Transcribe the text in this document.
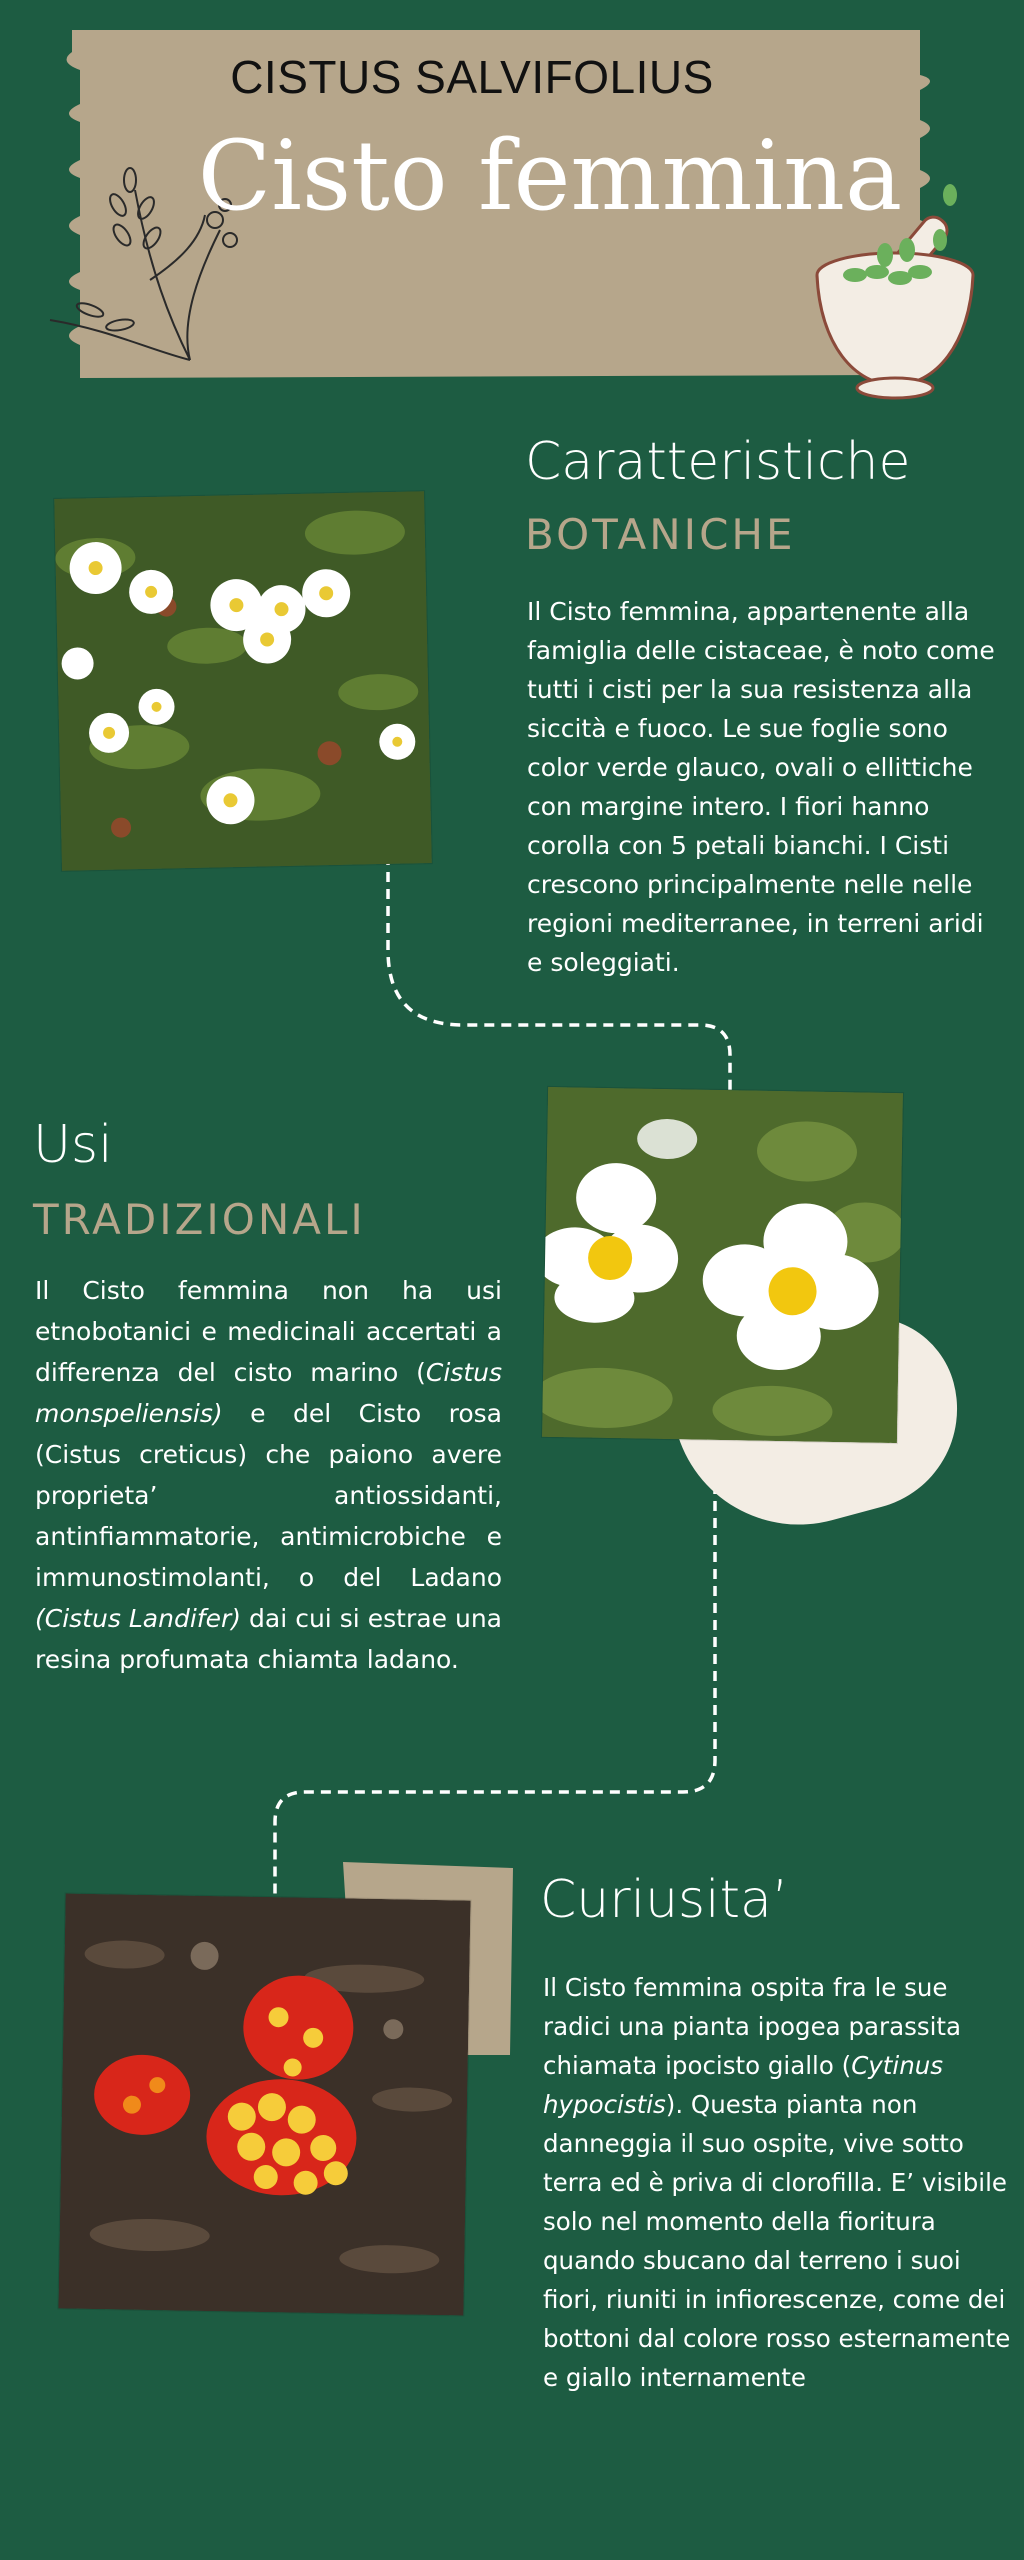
CISTUS SALVIFOLIUS
Cisto femmina
Caratteristiche
BOTANICHE
Il Cisto femmina, appartenente alla famiglia delle cistaceae, è noto come tutti i cisti per la sua resistenza alla siccità e fuoco. Le sue foglie sono color verde glauco, ovali o ellittiche con margine intero. I fiori hanno corolla con 5 petali bianchi. I Cisti crescono principalmente nelle nelle regioni mediterranee, in terreni aridi e soleggiati.
Usi
TRADIZIONALI
Il Cisto femmina non ha usi etnobotanici e medicinali accertati a differenza del cisto marino (Cistus monspeliensis) e del Cisto rosa (Cistus creticus) che paiono avere proprieta’ antiossidanti, antinfiammatorie, antimicrobiche e immunostimolanti, o del Ladano (Cistus Landifer) dai cui si estrae una resina profumata chiamta ladano.
Curiusita’
Il Cisto femmina ospita fra le sue radici una pianta ipogea parassita chiamata ipocisto giallo (Cytinus hypocistis). Questa pianta non danneggia il suo ospite, vive sotto terra ed è priva di clorofilla. E’ visibile solo nel momento della fioritura quando sbucano dal terreno i suoi fiori, riuniti in infiorescenze, come dei bottoni dal colore rosso esternamente e giallo internamente
